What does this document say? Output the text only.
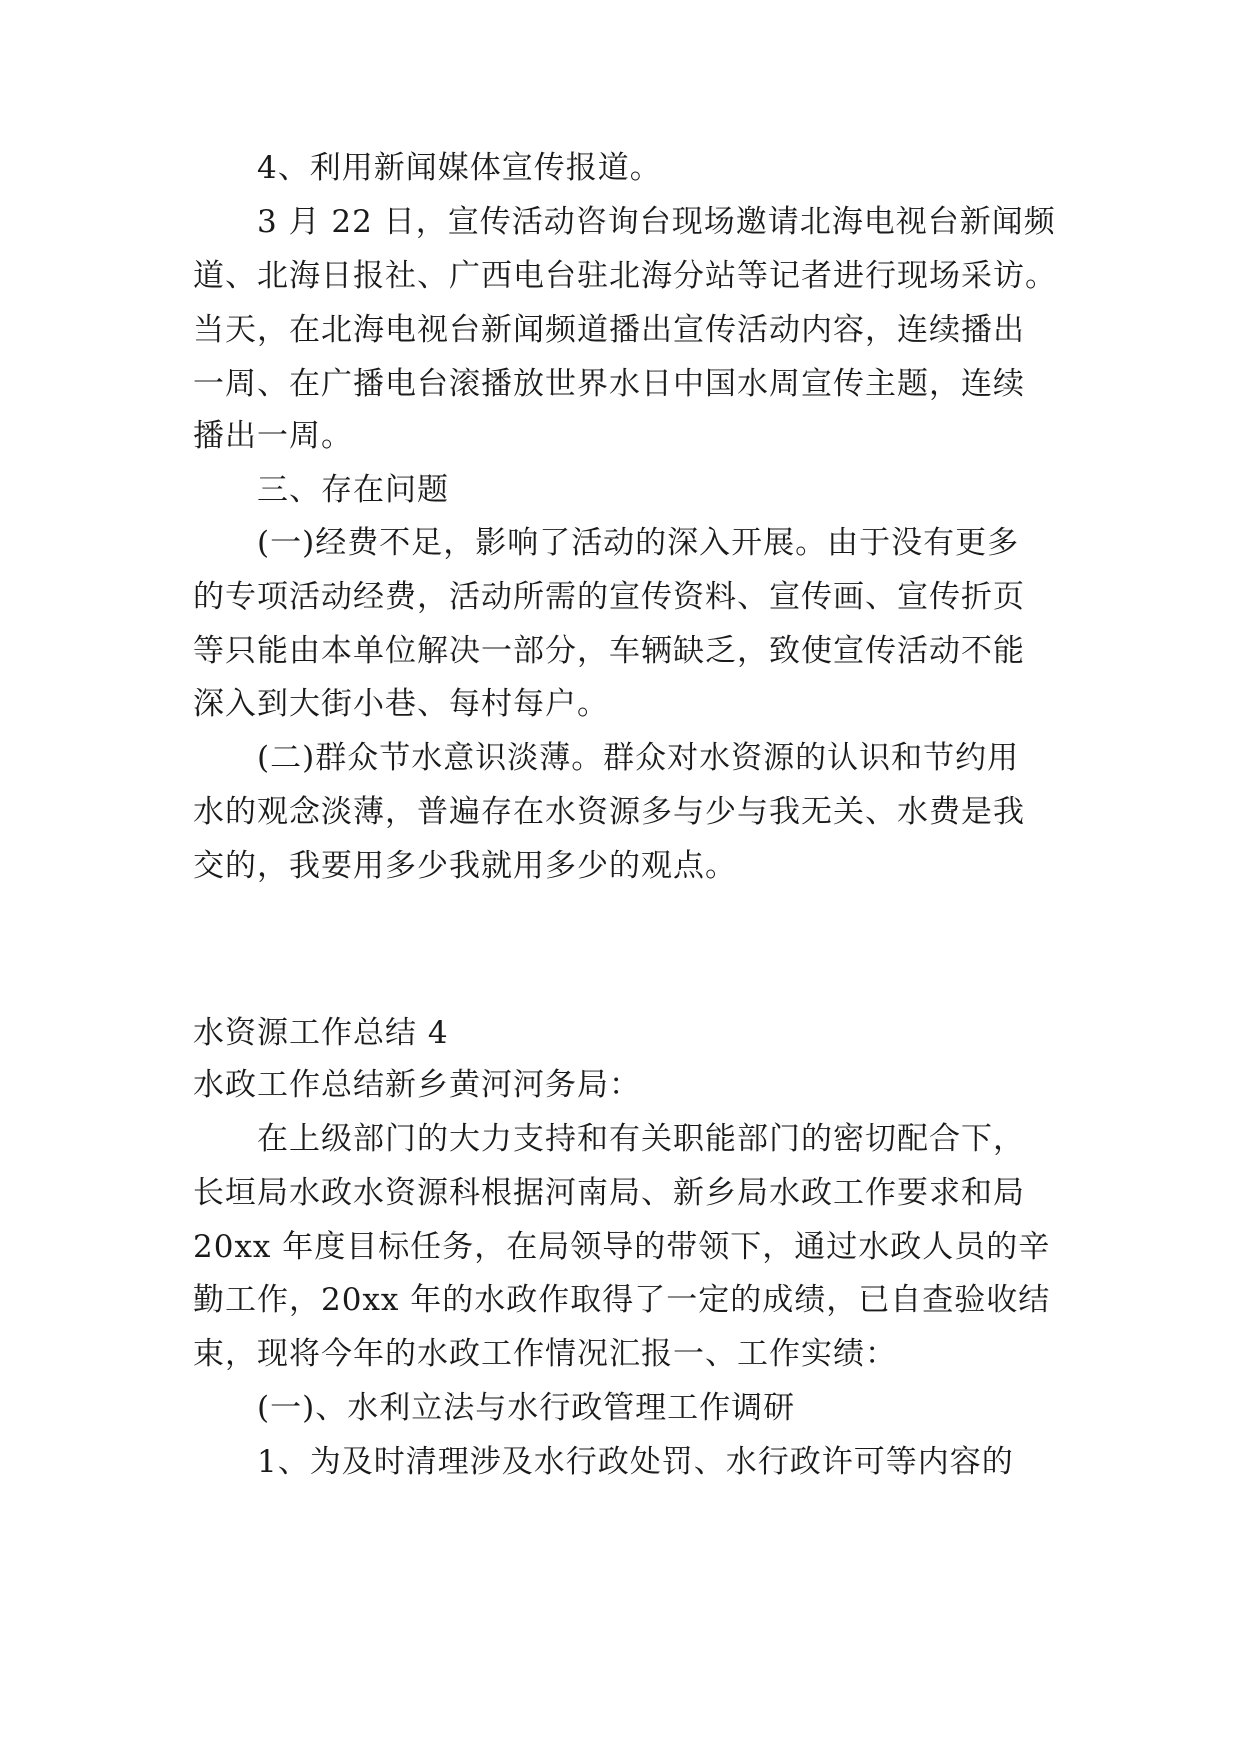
4、利用新闻媒体宣传报道。
3 月 22 日，宣传活动咨询台现场邀请北海电视台新闻频
道、北海日报社、广西电台驻北海分站等记者进行现场采访。
当天，在北海电视台新闻频道播出宣传活动内容，连续播出
一周、在广播电台滚播放世界水日中国水周宣传主题，连续
播出一周。
三、存在问题
(一)经费不足，影响了活动的深入开展。由于没有更多
的专项活动经费，活动所需的宣传资料、宣传画、宣传折页
等只能由本单位解决一部分，车辆缺乏，致使宣传活动不能
深入到大街小巷、每村每户。
(二)群众节水意识淡薄。群众对水资源的认识和节约用
水的观念淡薄，普遍存在水资源多与少与我无关、水费是我
交的，我要用多少我就用多少的观点。
水资源工作总结 4
水政工作总结新乡黄河河务局：
在上级部门的大力支持和有关职能部门的密切配合下，
长垣局水政水资源科根据河南局、新乡局水政工作要求和局
20xx 年度目标任务，在局领导的带领下，通过水政人员的辛
勤工作，20xx 年的水政作取得了一定的成绩，已自查验收结
束，现将今年的水政工作情况汇报一、工作实绩：
(一)、水利立法与水行政管理工作调研
1、为及时清理涉及水行政处罚、水行政许可等内容的
